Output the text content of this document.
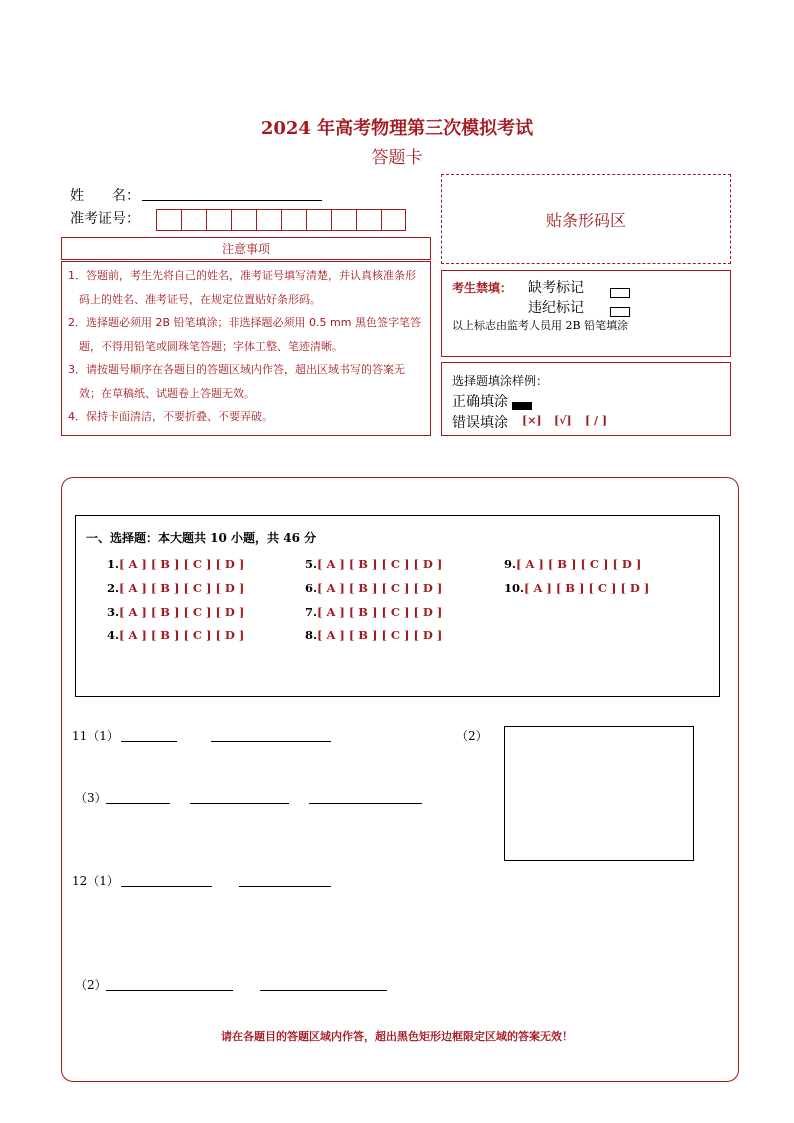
2024 年高考物理第三次模拟考试
答题卡
姓　　名：
准考证号：
注意事项
1．答题前，考生先将自己的姓名，准考证号填写清楚，并认真核准条形码上的姓名、准考证号，在规定位置贴好条形码。
2．选择题必须用 2B 铅笔填涂；非选择题必须用 0.5 mm 黑色签字笔答题，不得用铅笔或圆珠笔答题；字体工整、笔迹清晰。
3．请按题号顺序在各题目的答题区域内作答，超出区域书写的答案无效；在草稿纸、试题卷上答题无效。
4．保持卡面清洁，不要折叠、不要弄破。
贴条形码区
考生禁填： 缺考标记
违纪标记
以上标志由监考人员用 2B 铅笔填涂
选择题填涂样例：
正确填涂
错误填涂 [×] [√] [ / ]
一、选择题：本大题共 10 小题，共 46 分
1.[ A ] [ B ] [ C ] [ D ]
2.[ A ] [ B ] [ C ] [ D ]
3.[ A ] [ B ] [ C ] [ D ]
4.[ A ] [ B ] [ C ] [ D ]
5.[ A ] [ B ] [ C ] [ D ]
6.[ A ] [ B ] [ C ] [ D ]
7.[ A ] [ B ] [ C ] [ D ]
8.[ A ] [ B ] [ C ] [ D ]
9.[ A ] [ B ] [ C ] [ D ]
10.[ A ] [ B ] [ C ] [ D ]
11（1）	（2）
（3）
12（1）
（2）
请在各题目的答题区域内作答，超出黑色矩形边框限定区域的答案无效！
